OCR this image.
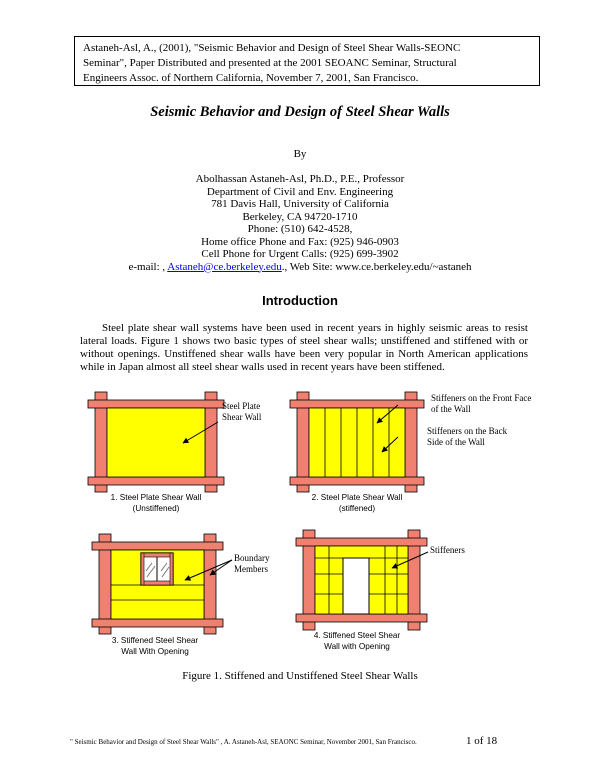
Astaneh-Asl, A., (2001), "Seismic Behavior and Design of Steel Shear Walls-SEONC
Seminar", Paper Distributed and presented at the 2001 SEOANC Seminar, Structural
Engineers Assoc. of Northern California, November 7, 2001, San Francisco.
Seismic Behavior and Design of Steel Shear Walls
By
Abolhassan Astaneh-Asl, Ph.D., P.E., Professor
Department of Civil and Env. Engineering
781 Davis Hall, University of California
Berkeley, CA 94720-1710
Phone: (510) 642-4528,
Home office Phone and Fax: (925) 946-0903
Cell Phone for Urgent Calls: (925) 699-3902
e-mail: , Astaneh@ce.berkeley.edu., Web Site: www.ce.berkeley.edu/~astaneh
Introduction

Steel plate shear wall systems have been used in recent years in highly seismic areas to resist lateral loads. Figure 1 shows two basic types of steel shear walls; unstiffened and stiffened with or without openings. Unstiffened shear walls have been very popular in North American applications while in Japan almost all steel shear walls used in recent years have been stiffened.

Steel Plate
Shear Wall
1. Steel Plate Shear Wall
(Unstiffened)
Stiffeners on the Front Face
of the Wall
Stiffeners on the Back
Side of the Wall
2. Steel Plate Shear Wall
(stiffened)
Boundary
Members
3. Stiffened Steel Shear
Wall With Opening
Stiffeners
4. Stiffened Steel Shear
Wall with Opening
Figure 1. Stiffened and Unstiffened Steel Shear Walls
" Seismic Behavior and Design of Steel Shear Walls" , A. Astaneh-Asl, SEAONC Seminar, November 2001, San Francisco.	1 of 18
